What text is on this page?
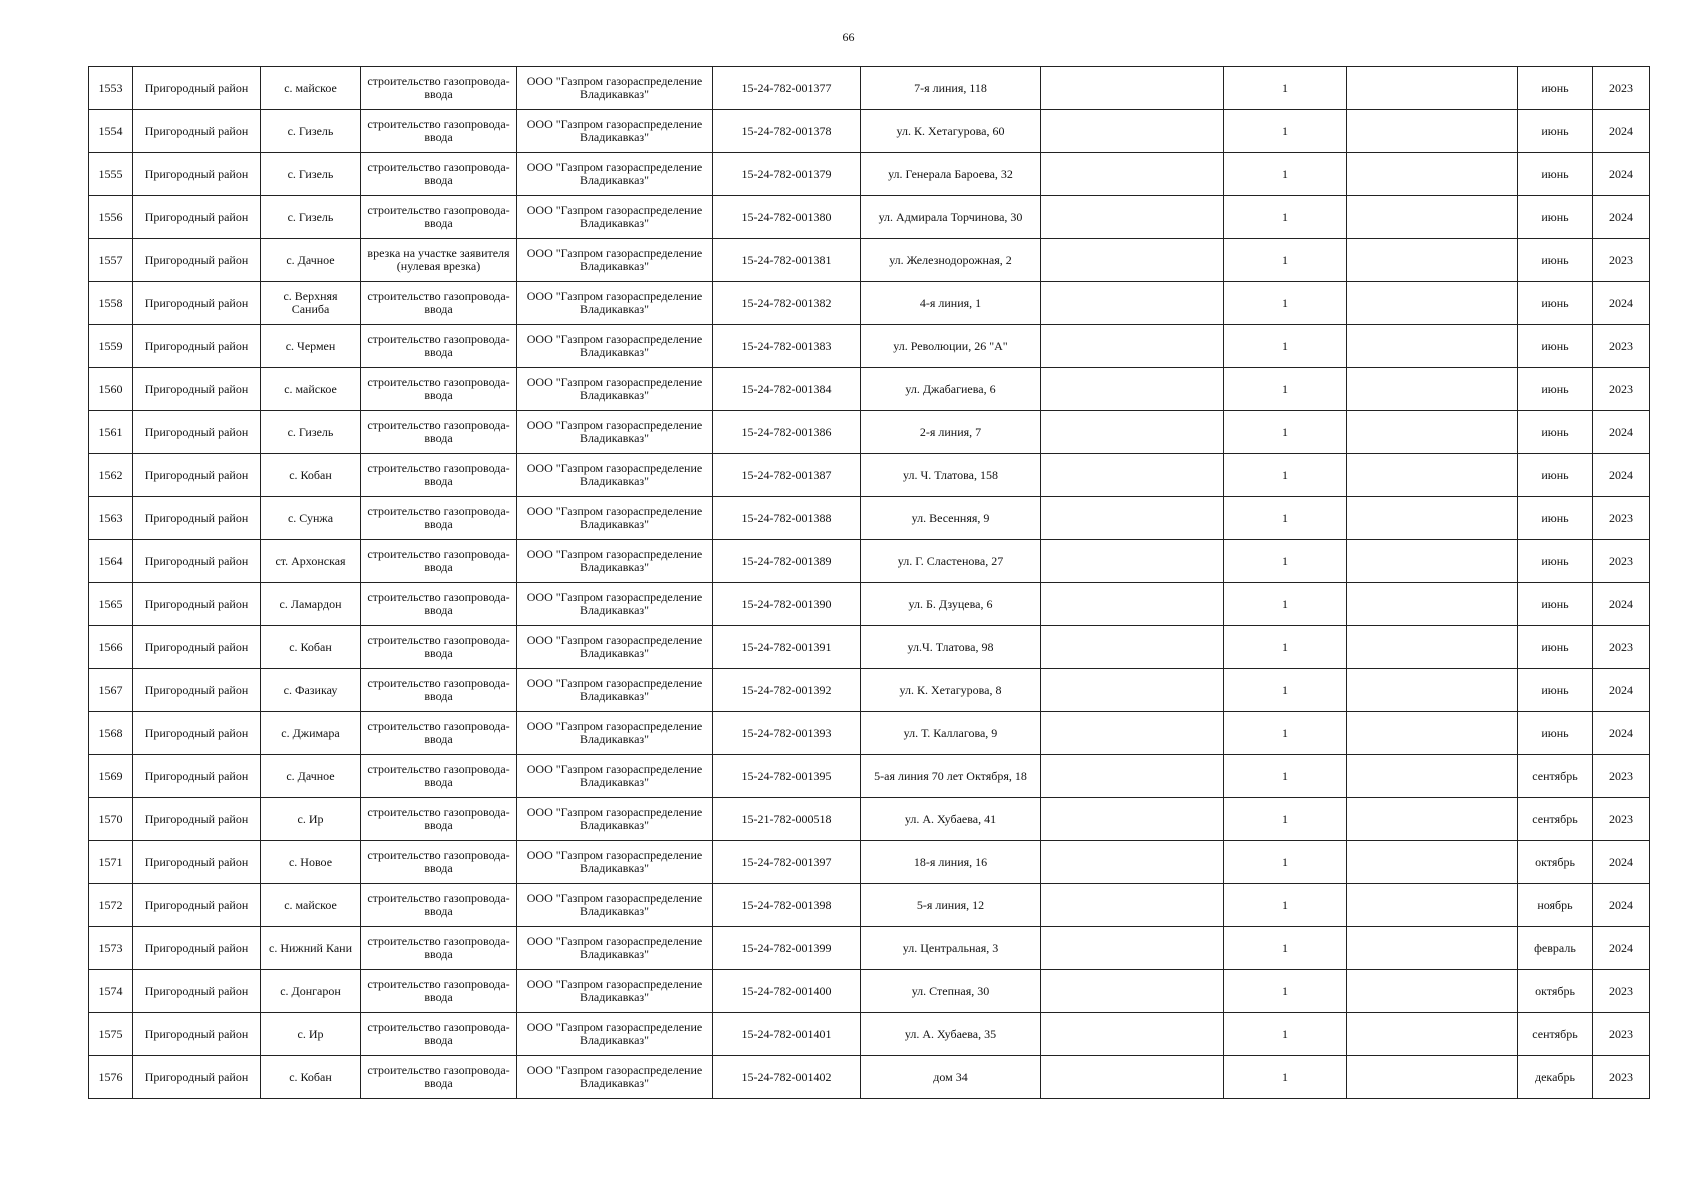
66
1553	Пригородный район	с. майское	строительство газопровода-ввода	ООО "Газпром газораспределение Владикавказ"	15-24-782-001377	7-я линия, 118		1		июнь	2023
1554	Пригородный район	с. Гизель	строительство газопровода-ввода	ООО "Газпром газораспределение Владикавказ"	15-24-782-001378	ул. К. Хетагурова, 60		1		июнь	2024
1555	Пригородный район	с. Гизель	строительство газопровода-ввода	ООО "Газпром газораспределение Владикавказ"	15-24-782-001379	ул. Генерала Бароева, 32		1		июнь	2024
1556	Пригородный район	с. Гизель	строительство газопровода-ввода	ООО "Газпром газораспределение Владикавказ"	15-24-782-001380	ул. Адмирала Торчинова, 30		1		июнь	2024
1557	Пригородный район	с. Дачное	врезка на участке заявителя (нулевая врезка)	ООО "Газпром газораспределение Владикавказ"	15-24-782-001381	ул. Железнодорожная, 2		1		июнь	2023
1558	Пригородный район	с. Верхняя Саниба	строительство газопровода-ввода	ООО "Газпром газораспределение Владикавказ"	15-24-782-001382	4-я линия, 1		1		июнь	2024
1559	Пригородный район	с. Чермен	строительство газопровода-ввода	ООО "Газпром газораспределение Владикавказ"	15-24-782-001383	ул. Революции, 26 "А"		1		июнь	2023
1560	Пригородный район	с. майское	строительство газопровода-ввода	ООО "Газпром газораспределение Владикавказ"	15-24-782-001384	ул. Джабагиева, 6		1		июнь	2023
1561	Пригородный район	с. Гизель	строительство газопровода-ввода	ООО "Газпром газораспределение Владикавказ"	15-24-782-001386	2-я линия, 7		1		июнь	2024
1562	Пригородный район	с. Кобан	строительство газопровода-ввода	ООО "Газпром газораспределение Владикавказ"	15-24-782-001387	ул. Ч. Тлатова, 158		1		июнь	2024
1563	Пригородный район	с. Сунжа	строительство газопровода-ввода	ООО "Газпром газораспределение Владикавказ"	15-24-782-001388	ул. Весенняя, 9		1		июнь	2023
1564	Пригородный район	ст. Архонская	строительство газопровода-ввода	ООО "Газпром газораспределение Владикавказ"	15-24-782-001389	ул. Г. Сластенова, 27		1		июнь	2023
1565	Пригородный район	с. Ламардон	строительство газопровода-ввода	ООО "Газпром газораспределение Владикавказ"	15-24-782-001390	ул. Б. Дзуцева, 6		1		июнь	2024
1566	Пригородный район	с. Кобан	строительство газопровода-ввода	ООО "Газпром газораспределение Владикавказ"	15-24-782-001391	ул.Ч. Тлатова, 98		1		июнь	2023
1567	Пригородный район	с. Фазикау	строительство газопровода-ввода	ООО "Газпром газораспределение Владикавказ"	15-24-782-001392	ул. К. Хетагурова, 8		1		июнь	2024
1568	Пригородный район	с. Джимара	строительство газопровода-ввода	ООО "Газпром газораспределение Владикавказ"	15-24-782-001393	ул. Т. Каллагова, 9		1		июнь	2024
1569	Пригородный район	с. Дачное	строительство газопровода-ввода	ООО "Газпром газораспределение Владикавказ"	15-24-782-001395	5-ая линия 70 лет Октября, 18		1		сентябрь	2023
1570	Пригородный район	с. Ир	строительство газопровода-ввода	ООО "Газпром газораспределение Владикавказ"	15-21-782-000518	ул. А. Хубаева, 41		1		сентябрь	2023
1571	Пригородный район	с. Новое	строительство газопровода-ввода	ООО "Газпром газораспределение Владикавказ"	15-24-782-001397	18-я линия, 16		1		октябрь	2024
1572	Пригородный район	с. майское	строительство газопровода-ввода	ООО "Газпром газораспределение Владикавказ"	15-24-782-001398	5-я линия, 12		1		ноябрь	2024
1573	Пригородный район	с. Нижний Кани	строительство газопровода-ввода	ООО "Газпром газораспределение Владикавказ"	15-24-782-001399	ул. Центральная, 3		1		февраль	2024
1574	Пригородный район	с. Донгарон	строительство газопровода-ввода	ООО "Газпром газораспределение Владикавказ"	15-24-782-001400	ул. Степная, 30		1		октябрь	2023
1575	Пригородный район	с. Ир	строительство газопровода-ввода	ООО "Газпром газораспределение Владикавказ"	15-24-782-001401	ул. А. Хубаева, 35		1		сентябрь	2023
1576	Пригородный район	с. Кобан	строительство газопровода-ввода	ООО "Газпром газораспределение Владикавказ"	15-24-782-001402	дом 34		1		декабрь	2023
